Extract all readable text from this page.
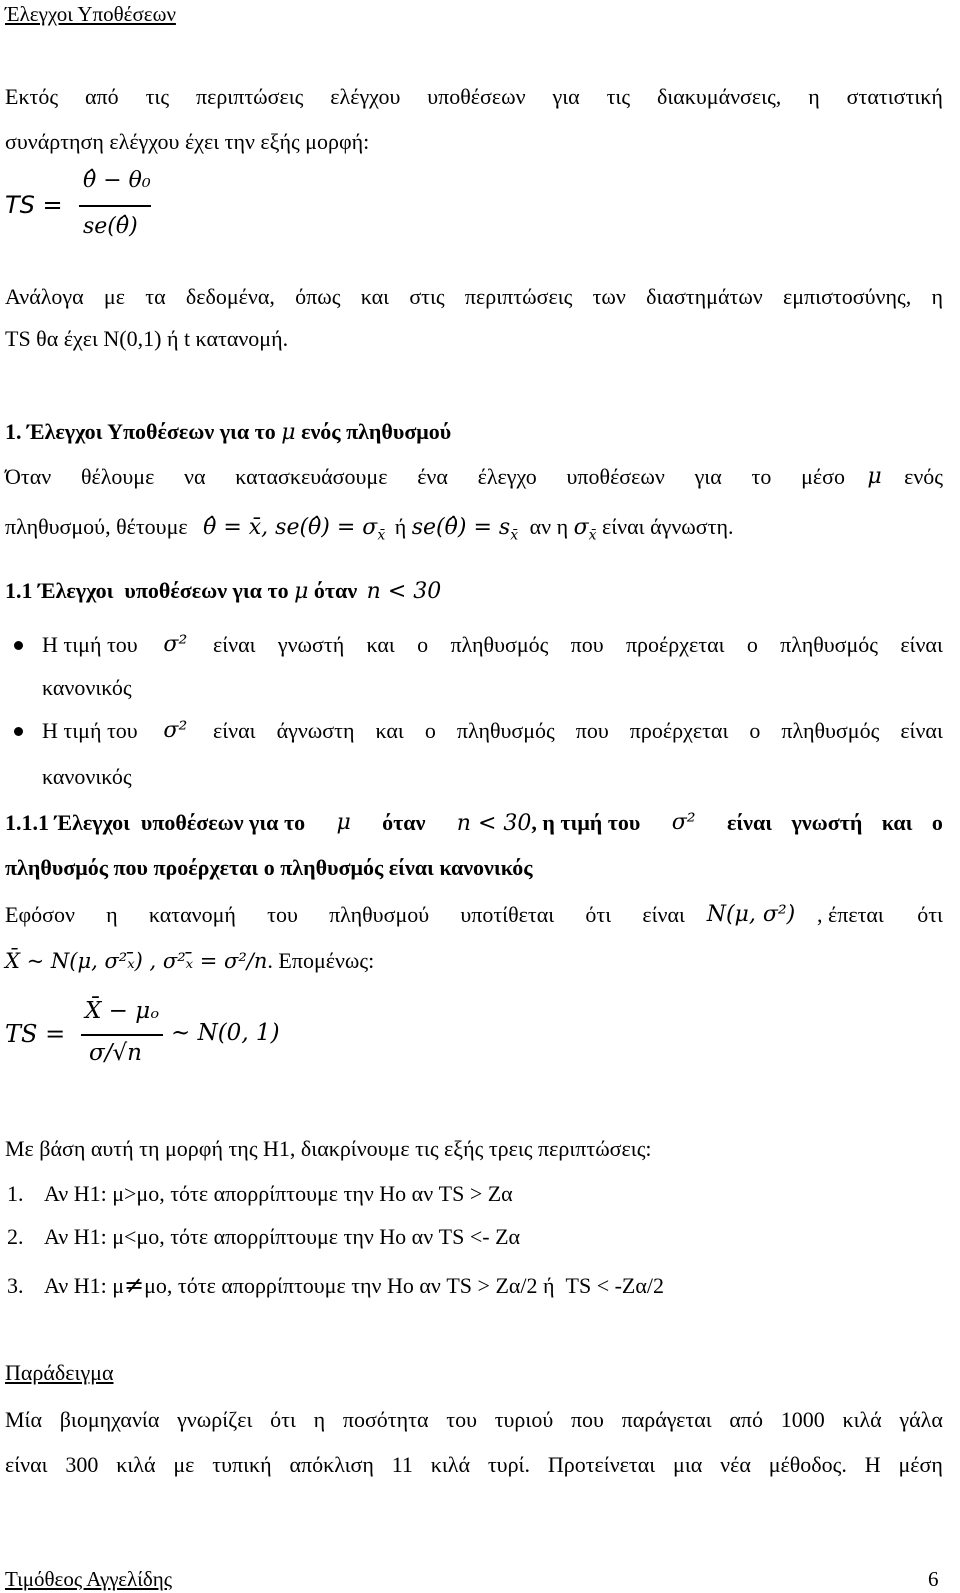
Έλεγχοι Υποθέσεων
Εκτός από τις περιπτώσεις ελέγχου υποθέσεων για τις διακυμάνσεις, η στατιστική
συνάρτηση ελέγχου έχει την εξής μορφή:
TS =
θ̂ − θ₀
se(θ̂)
Ανάλογα με τα δεδομένα, όπως και στις περιπτώσεις των διαστημάτων εμπιστοσύνης, η
TS θα έχει N(0,1) ή t κατανομή.
1. Έλεγχοι Υποθέσεων για το μ ενός πληθυσμού
Όταν θέλουμε να κατασκευάσουμε ένα έλεγχο υποθέσεων για το μέσο μ ενός
πληθυσμού, θέτουμε θ̂ = x̄, se(θ̂) = $\sigma_{x̄}$ ή se(θ̂) = $s_{x̄}$ αν η $\sigma_{x̄}$ είναι άγνωστη.
1.1 Έλεγχοι  υποθέσεων για το μ όταν n < 30
Η τιμή του σ² είναι γνωστή και ο πληθυσμός που προέρχεται ο πληθυσμός είναι
κανονικός
Η τιμή του σ² είναι άγνωστη και ο πληθυσμός που προέρχεται ο πληθυσμός είναι
κανονικός
1.1.1 Έλεγχοι  υποθέσεων για το μ όταν n < 30, η τιμή του σ² είναι γνωστή και ο
πληθυσμός που προέρχεται ο πληθυσμός είναι κανονικός
Εφόσον η κατανομή του πληθυσμού υποτίθεται ότι είναι N(μ, σ²) , έπεται ότι
X̄ ~ N(μ, σ²ₓ̄) , σ²ₓ̄ = σ²/n. Επομένως:
TS =
X̄ − μₒ
σ/√n
~ N(0, 1)
Με βάση αυτή τη μορφή της Η1, διακρίνουμε τις εξής τρεις περιπτώσεις:
1. Αν Η1: μ>μο, τότε απορρίπτουμε την Ηο αν TS > Zα
2. Αν Η1: μ<μο, τότε απορρίπτουμε την Ηο αν TS <- Zα
3. Αν Η1: μ≠μο, τότε απορρίπτουμε την Ηο αν TS > Zα/2 ή  TS < -Zα/2
Παράδειγμα
Μία βιομηχανία γνωρίζει ότι η ποσότητα του τυριού που παράγεται από 1000 κιλά γάλα
είναι 300 κιλά με τυπική απόκλιση 11 κιλά τυρί. Προτείνεται μια νέα μέθοδος. Η μέση
Τιμόθεος Αγγελίδης	6
